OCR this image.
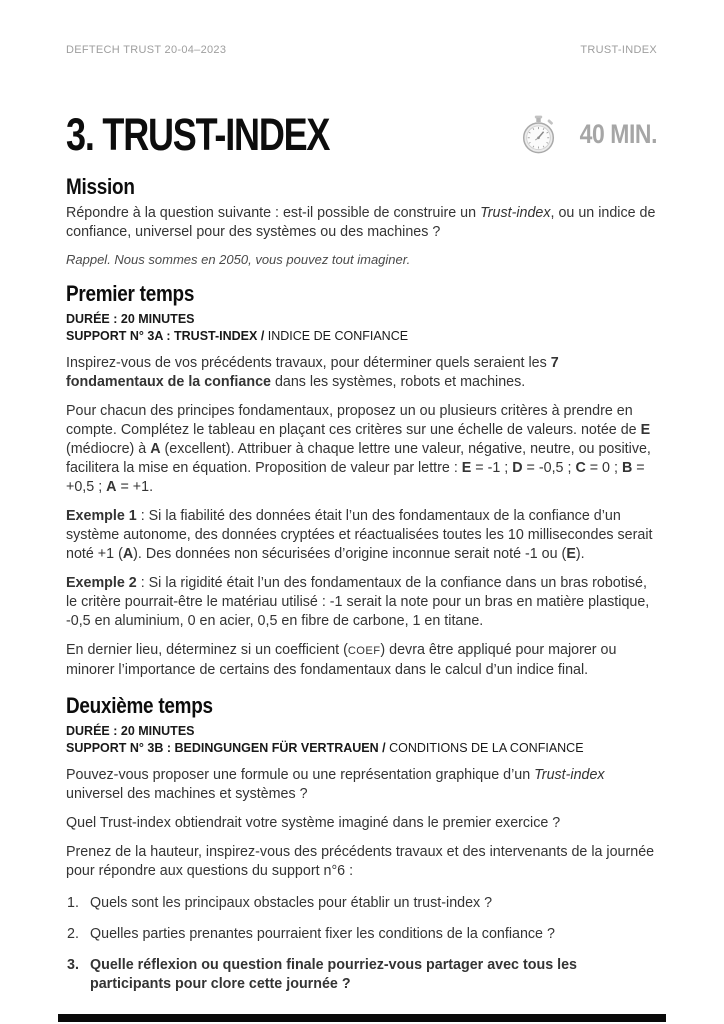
DEFTECH TRUST 20-04–2023	TRUST-INDEX
3. TRUST-INDEX	40 MIN.
Mission

Répondre à la question suivante : est-il possible de construire un Trust-index, ou un indice de confiance, universel pour des systèmes ou des machines ?

Rappel. Nous sommes en 2050, vous pouvez tout imaginer.

Premier temps
DURÉE : 20 MINUTES
SUPPORT N° 3A : TRUST-INDEX / INDICE DE CONFIANCE

Inspirez-vous de vos précédents travaux, pour déterminer quels seraient les 7 fondamentaux de la confiance dans les systèmes, robots et machines.

Pour chacun des principes fondamentaux, proposez un ou plusieurs critères à prendre en compte. Complétez le tableau en plaçant ces critères sur une échelle de valeurs. notée de E (médiocre) à A (excellent). Attribuer à chaque lettre une valeur, négative, neutre, ou positive, facilitera la mise en équation. Proposition de valeur par lettre : E = -1 ; D = -0,5 ; C = 0 ; B = +0,5 ; A = +1.

Exemple 1 : Si la fiabilité des données était l’un des fondamentaux de la confiance d’un système autonome, des données cryptées et réactualisées toutes les 10 millisecondes serait noté +1 (A). Des données non sécurisées d’origine inconnue serait noté -1 ou (E).

Exemple 2 : Si la rigidité était l’un des fondamentaux de la confiance dans un bras robotisé, le critère pourrait-être le matériau utilisé : -1 serait la note pour un bras en matière plastique, -0,5 en aluminium, 0 en acier, 0,5 en fibre de carbone, 1 en titane.

En dernier lieu, déterminez si un coefficient (COEF) devra être appliqué pour majorer ou minorer l’importance de certains des fondamentaux dans le calcul d’un indice final.

Deuxième temps
DURÉE : 20 MINUTES
SUPPORT N° 3B : BEDINGUNGEN FÜR VERTRAUEN / CONDITIONS DE LA CONFIANCE

Pouvez-vous proposer une formule ou une représentation graphique d’un Trust-index universel des machines et systèmes ?

Quel Trust-index obtiendrait votre système imaginé dans le premier exercice ?

Prenez de la hauteur, inspirez-vous des précédents travaux et des intervenants de la journée pour répondre aux questions du support n°6 :

1. Quels sont les principaux obstacles pour établir un trust-index ?
2. Quelles parties prenantes pourraient fixer les conditions de la confiance ?
3. Quelle réflexion ou question finale pourriez-vous partager avec tous les participants pour clore cette journée ?
